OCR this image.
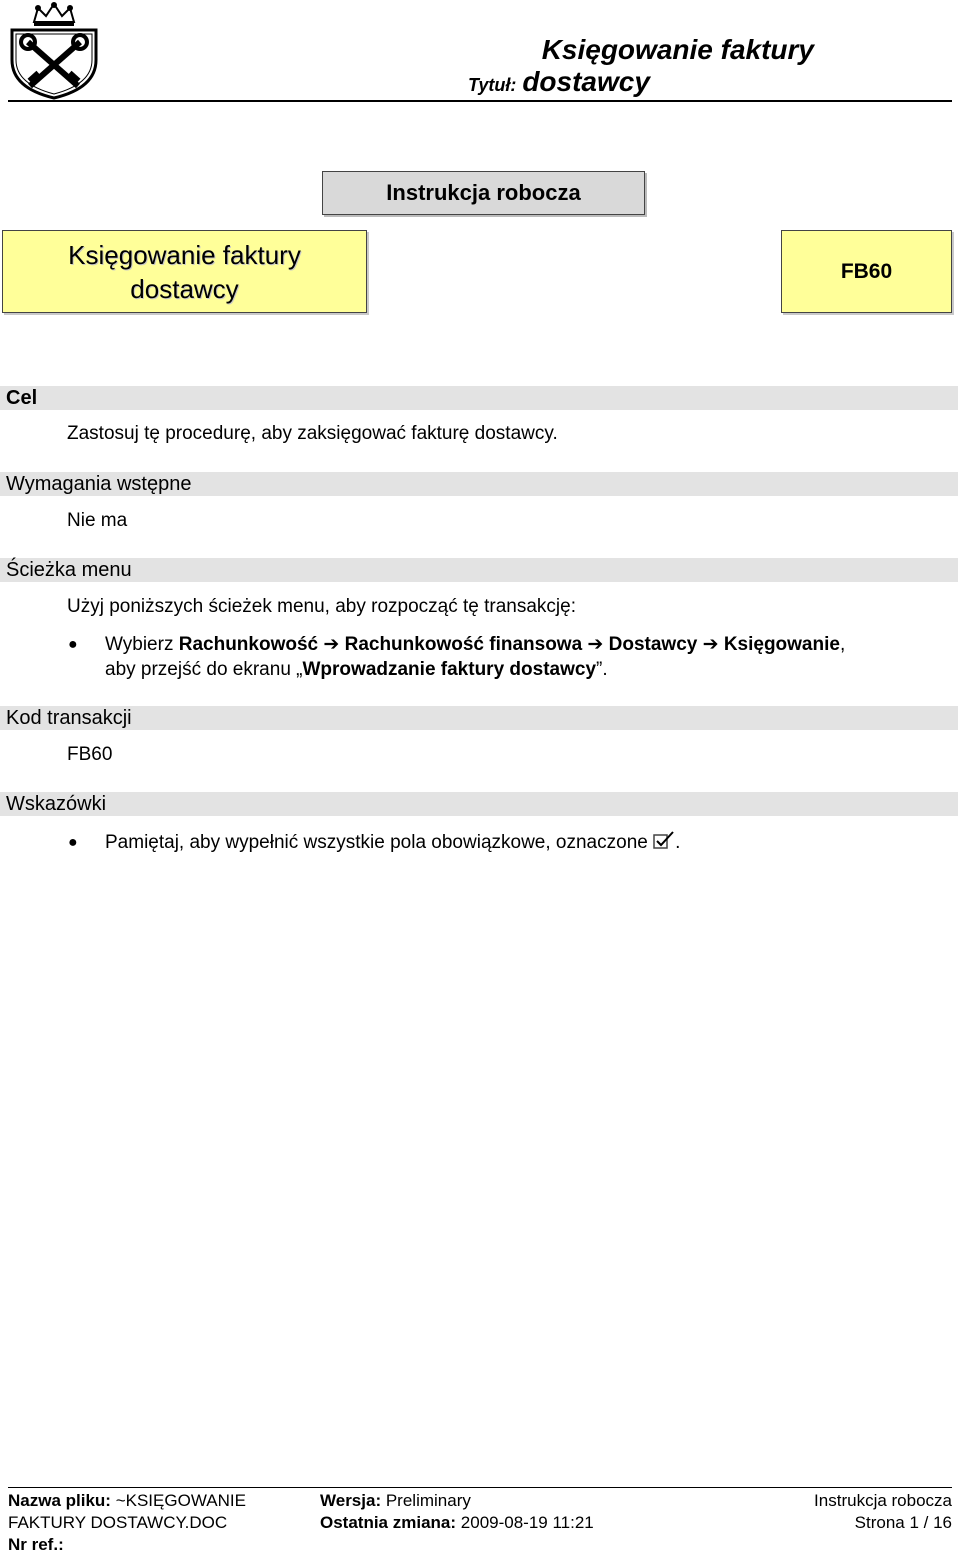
Księgowanie faktury
Tytuł: dostawcy
Instrukcja robocza
Księgowanie faktury
dostawcy
FB60
Cel
Zastosuj tę procedurę, aby zaksięgować fakturę dostawcy.
Wymagania wstępne
Nie ma
Ścieżka menu
Użyj poniższych ścieżek menu, aby rozpocząć tę transakcję:
● Wybierz Rachunkowość ➔ Rachunkowość finansowa ➔ Dostawcy ➔ Księgowanie,
aby przejść do ekranu „Wprowadzanie faktury dostawcy”.
Kod transakcji
FB60
Wskazówki
● Pamiętaj, aby wypełnić wszystkie pola obowiązkowe, oznaczone .
Nazwa pliku: ~KSIĘGOWANIE
FAKTURY DOSTAWCY.DOC
Nr ref.:
Wersja: Preliminary
Ostatnia zmiana: 2009-08-19 11:21
Instrukcja robocza
Strona 1 / 16
